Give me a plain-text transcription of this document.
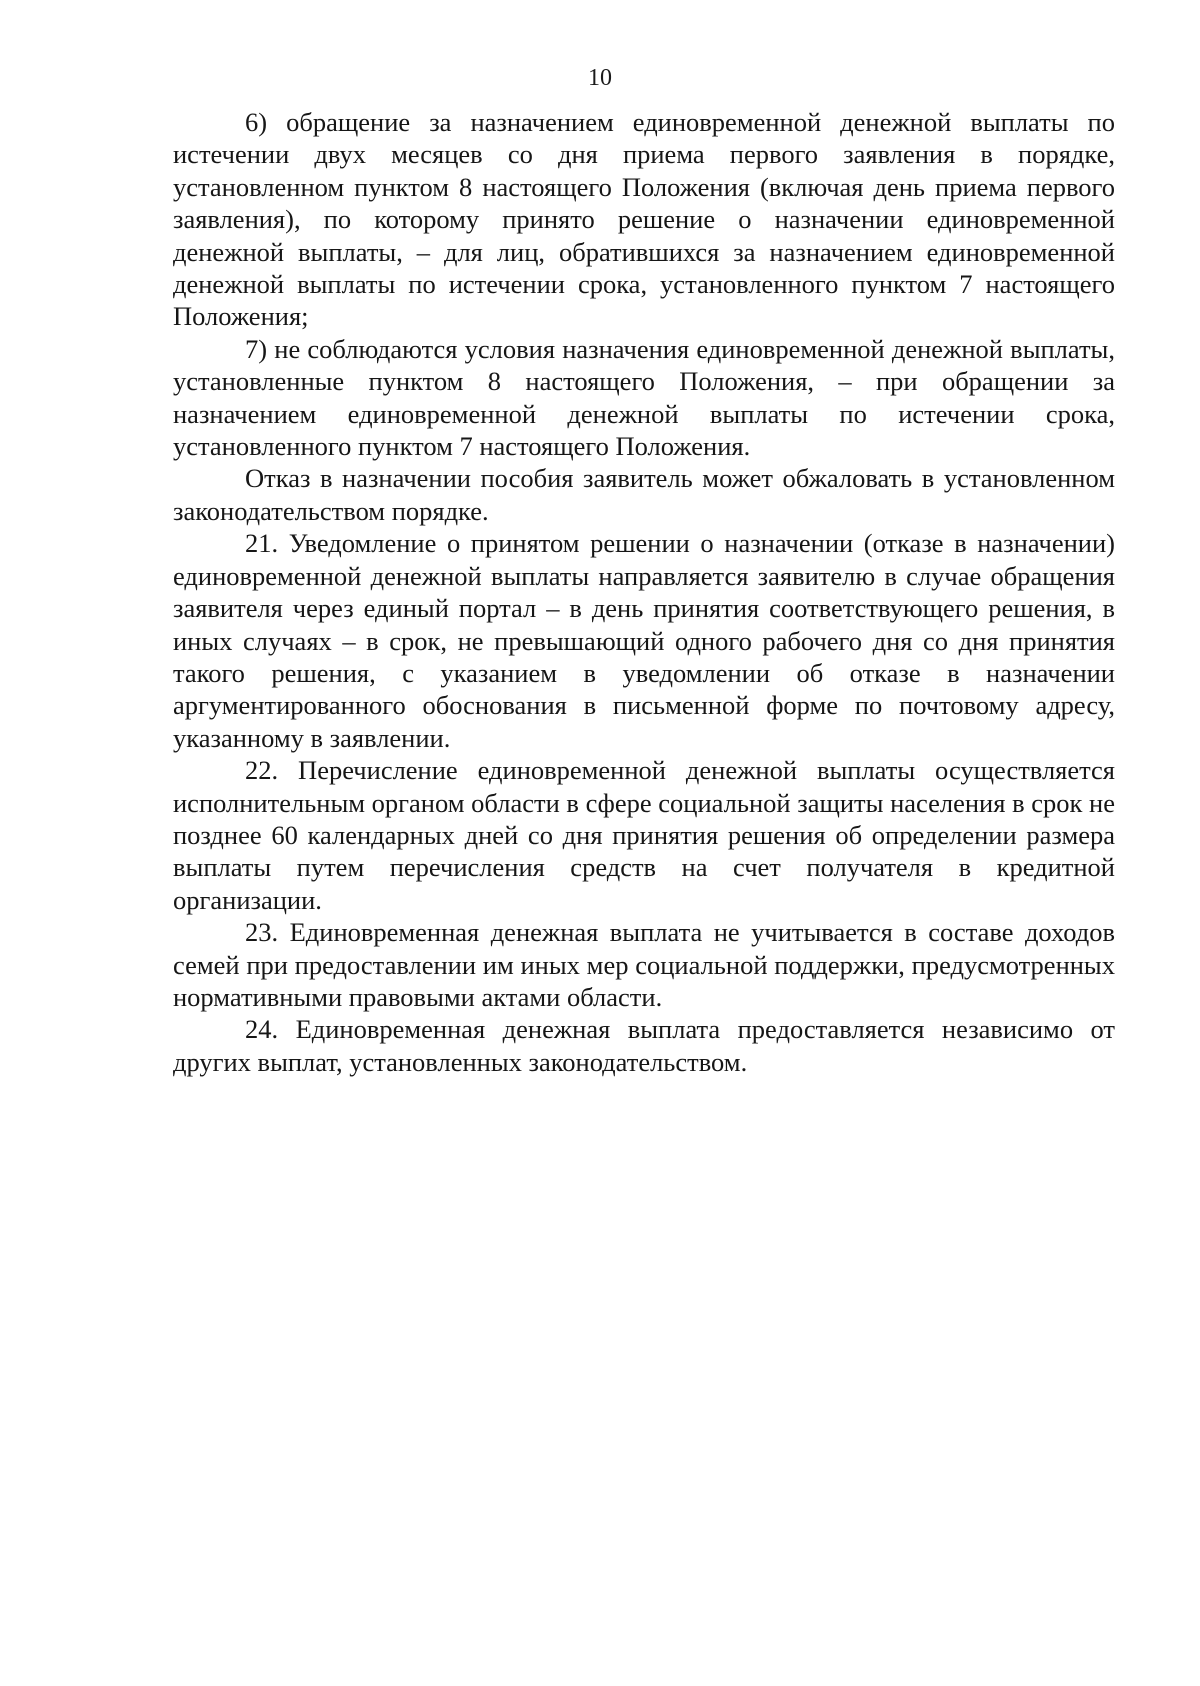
10

6) обращение за назначением единовременной денежной выплаты по истечении двух месяцев со дня приема первого заявления в порядке, установленном пунктом 8 настоящего Положения (включая день приема первого заявления), по которому принято решение о назначении единовременной денежной выплаты, – для лиц, обратившихся за назначением единовременной денежной выплаты по истечении срока, установленного пунктом 7 настоящего Положения;

7) не соблюдаются условия назначения единовременной денежной выплаты, установленные пунктом 8 настоящего Положения, – при обращении за назначением единовременной денежной выплаты по истечении срока, установленного пунктом 7 настоящего Положения.

Отказ в назначении пособия заявитель может обжаловать в установленном законодательством порядке.

21. Уведомление о принятом решении о назначении (отказе в назначении) единовременной денежной выплаты направляется заявителю в случае обращения заявителя через единый портал – в день принятия соответствующего решения, в иных случаях – в срок, не превышающий одного рабочего дня со дня принятия такого решения, с указанием в уведомлении об отказе в назначении аргументированного обоснования в письменной форме по почтовому адресу, указанному в заявлении.

22. Перечисление единовременной денежной выплаты осуществляется исполнительным органом области в сфере социальной защиты населения в срок не позднее 60 календарных дней со дня принятия решения об определении размера выплаты путем перечисления средств на счет получателя в кредитной организации.

23. Единовременная денежная выплата не учитывается в составе доходов семей при предоставлении им иных мер социальной поддержки, предусмотренных нормативными правовыми актами области.

24. Единовременная денежная выплата предоставляется независимо от других выплат, установленных законодательством.
